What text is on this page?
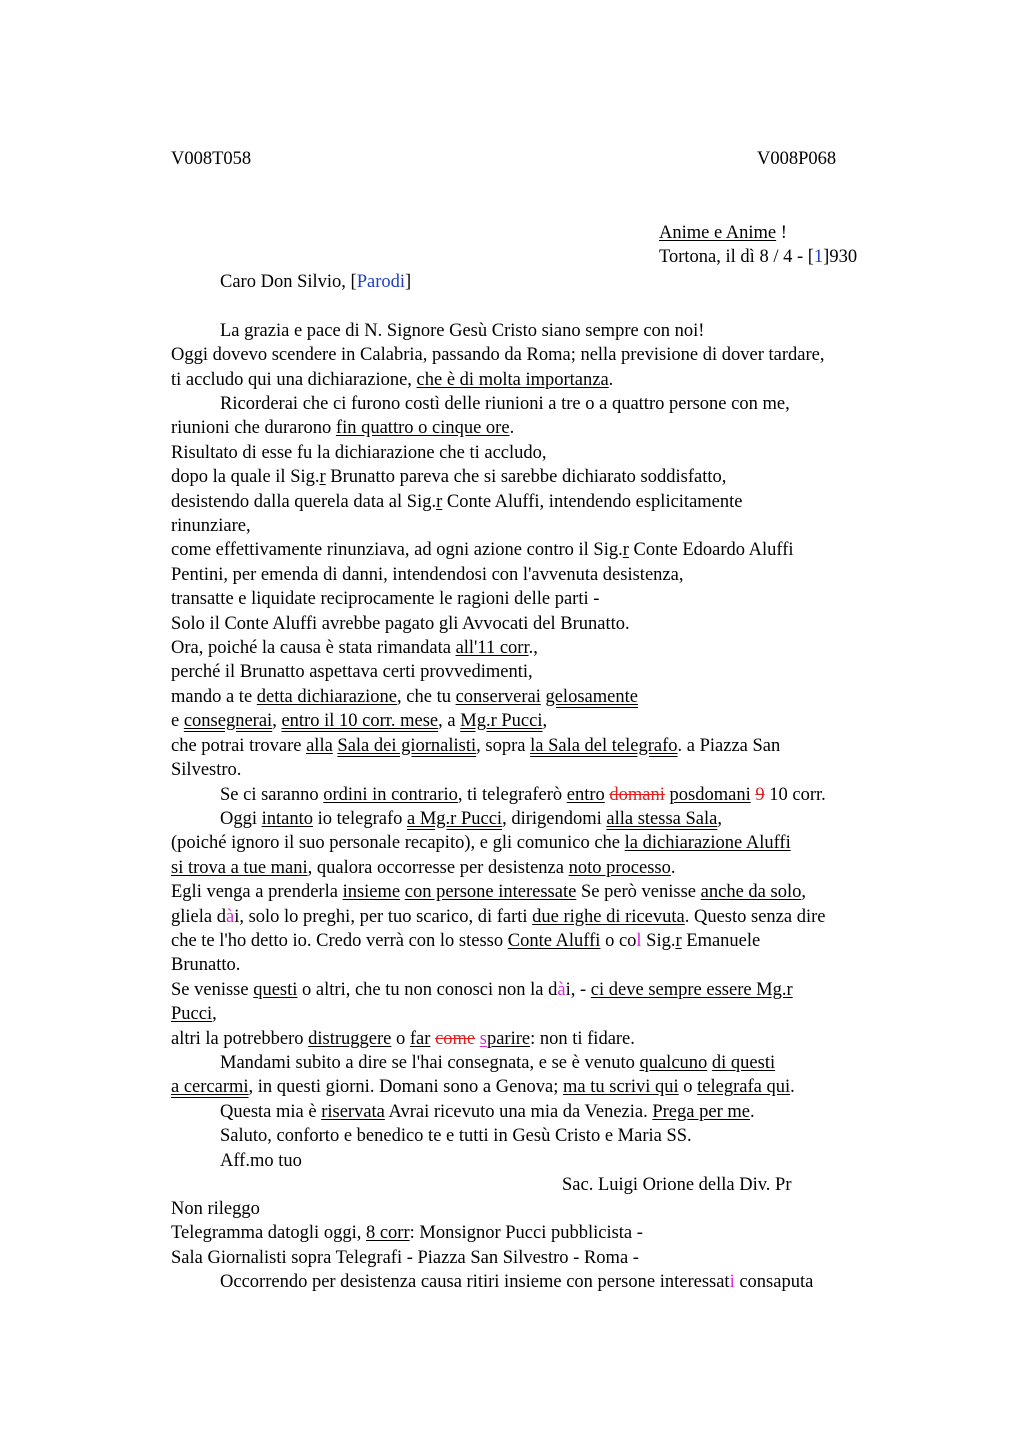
V008T058	V008P068
Anime e Anime !
Tortona, il dì 8 / 4 - [1]930
Caro Don Silvio, [Parodi]
La grazia e pace di N. Signore Gesù Cristo siano sempre con noi!
Oggi dovevo scendere in Calabria, passando da Roma; nella previsione di dover tardare,
ti accludo qui una dichiarazione, che è di molta importanza.
Ricorderai che ci furono costì delle riunioni a tre o a quattro persone con me,
riunioni che durarono fin quattro o cinque ore.
Risultato di esse fu la dichiarazione che ti accludo,
dopo la quale il Sig.r Brunatto pareva che si sarebbe dichiarato soddisfatto,
desistendo dalla querela data al Sig.r Conte Aluffi, intendendo esplicitamente
rinunziare,
come effettivamente rinunziava, ad ogni azione contro il Sig.r Conte Edoardo Aluffi
Pentini, per emenda di danni, intendendosi con l'avvenuta desistenza,
transatte e liquidate reciprocamente le ragioni delle parti -
Solo il Conte Aluffi avrebbe pagato gli Avvocati del Brunatto.
Ora, poiché la causa è stata rimandata all'11 corr.,
perché il Brunatto aspettava certi provvedimenti,
mando a te detta dichiarazione, che tu conserverai gelosamente
e consegnerai, entro il 10 corr. mese, a Mg.r Pucci,
che potrai trovare alla Sala dei giornalisti, sopra la Sala del telegrafo. a Piazza San
Silvestro.
Se ci saranno ordini in contrario, ti telegraferò entro domani posdomani 9 10 corr.
Oggi intanto io telegrafo a Mg.r Pucci, dirigendomi alla stessa Sala,
(poiché ignoro il suo personale recapito), e gli comunico che la dichiarazione Aluffi
si trova a tue mani, qualora occorresse per desistenza noto processo.
Egli venga a prenderla insieme con persone interessate Se però venisse anche da solo,
gliela dài, solo lo preghi, per tuo scarico, di farti due righe di ricevuta. Questo senza dire
che te l'ho detto io. Credo verrà con lo stesso Conte Aluffi o col Sig.r Emanuele
Brunatto.
Se venisse questi o altri, che tu non conosci non la dài, - ci deve sempre essere Mg.r
Pucci,
altri la potrebbero distruggere o far come sparire: non ti fidare.
Mandami subito a dire se l'hai consegnata, e se è venuto qualcuno di questi
a cercarmi, in questi giorni. Domani sono a Genova; ma tu scrivi qui o telegrafa qui.
Questa mia è riservata Avrai ricevuto una mia da Venezia. Prega per me.
Saluto, conforto e benedico te e tutti in Gesù Cristo e Maria SS.
Aff.mo tuo
Sac. Luigi Orione della Div. Pr
Non rileggo
Telegramma datogli oggi, 8 corr: Monsignor Pucci pubblicista -
Sala Giornalisti sopra Telegrafi - Piazza San Silvestro - Roma -
Occorrendo per desistenza causa ritiri insieme con persone interessati consaputa
